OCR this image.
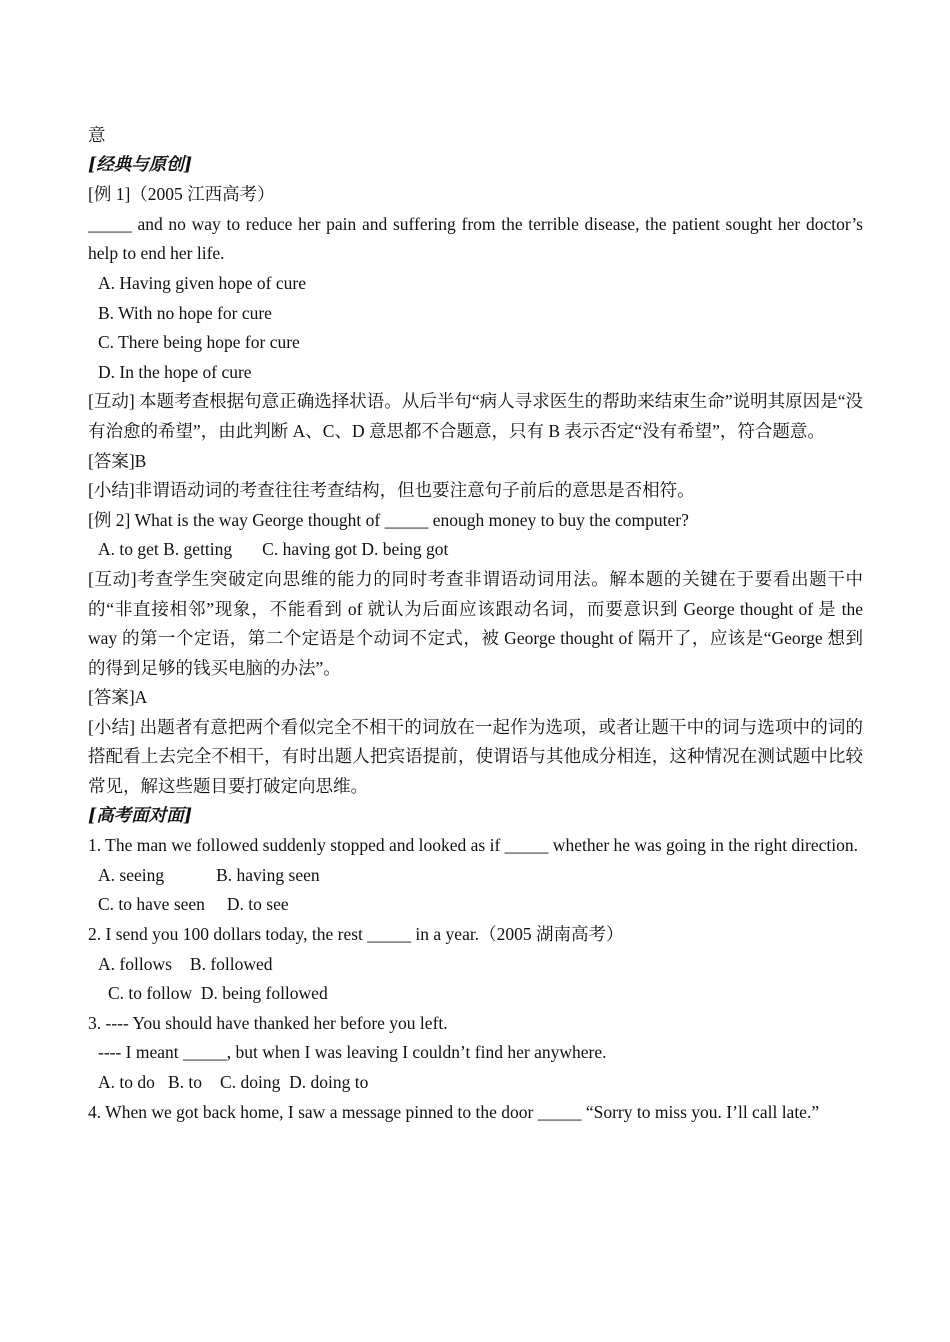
意
[经典与原创]
[例 1]（2005 江西高考）
_____ and no way to reduce her pain and suffering from the terrible disease, the patient sought her doctor’s help to end her life.
A. Having given hope of cure
B. With no hope for cure
C. There being hope for cure
D. In the hope of cure
[互动] 本题考查根据句意正确选择状语。从后半句“病人寻求医生的帮助来结束生命”说明其原因是“没有治愈的希望”，由此判断 A、C、D 意思都不合题意，只有 B 表示否定“没有希望”，符合题意。
[答案]B
[小结]非谓语动词的考查往往考查结构，但也要注意句子前后的意思是否相符。
[例 2] What is the way George thought of _____ enough money to buy the computer?
A. to get B. getting C. having got D. being got
[互动]考查学生突破定向思维的能力的同时考查非谓语动词用法。解本题的关键在于要看出题干中的“非直接相邻”现象，不能看到 of 就认为后面应该跟动名词，而要意识到 George thought of 是 the way 的第一个定语，第二个定语是个动词不定式，被 George thought of 隔开了，应该是“George 想到的得到足够的钱买电脑的办法”。
[答案]A
[小结] 出题者有意把两个看似完全不相干的词放在一起作为选项，或者让题干中的词与选项中的词的搭配看上去完全不相干，有时出题人把宾语提前，使谓语与其他成分相连，这种情况在测试题中比较常见，解这些题目要打破定向思维。
[高考面对面]
1. The man we followed suddenly stopped and looked as if _____ whether he was going in the right direction.
A. seeing	B. having seen
C. to have seen D. to see
2. I send you 100 dollars today, the rest _____ in a year.（2005 湖南高考）
A. follows B. followed
C. to follow  D. being followed
3. ---- You should have thanked her before you left.
---- I meant _____, but when I was leaving I couldn’t find her anywhere.
A. to do   B. to C. doing  D. doing to
4. When we got back home, I saw a message pinned to the door _____ “Sorry to miss you. I’ll call late.”
